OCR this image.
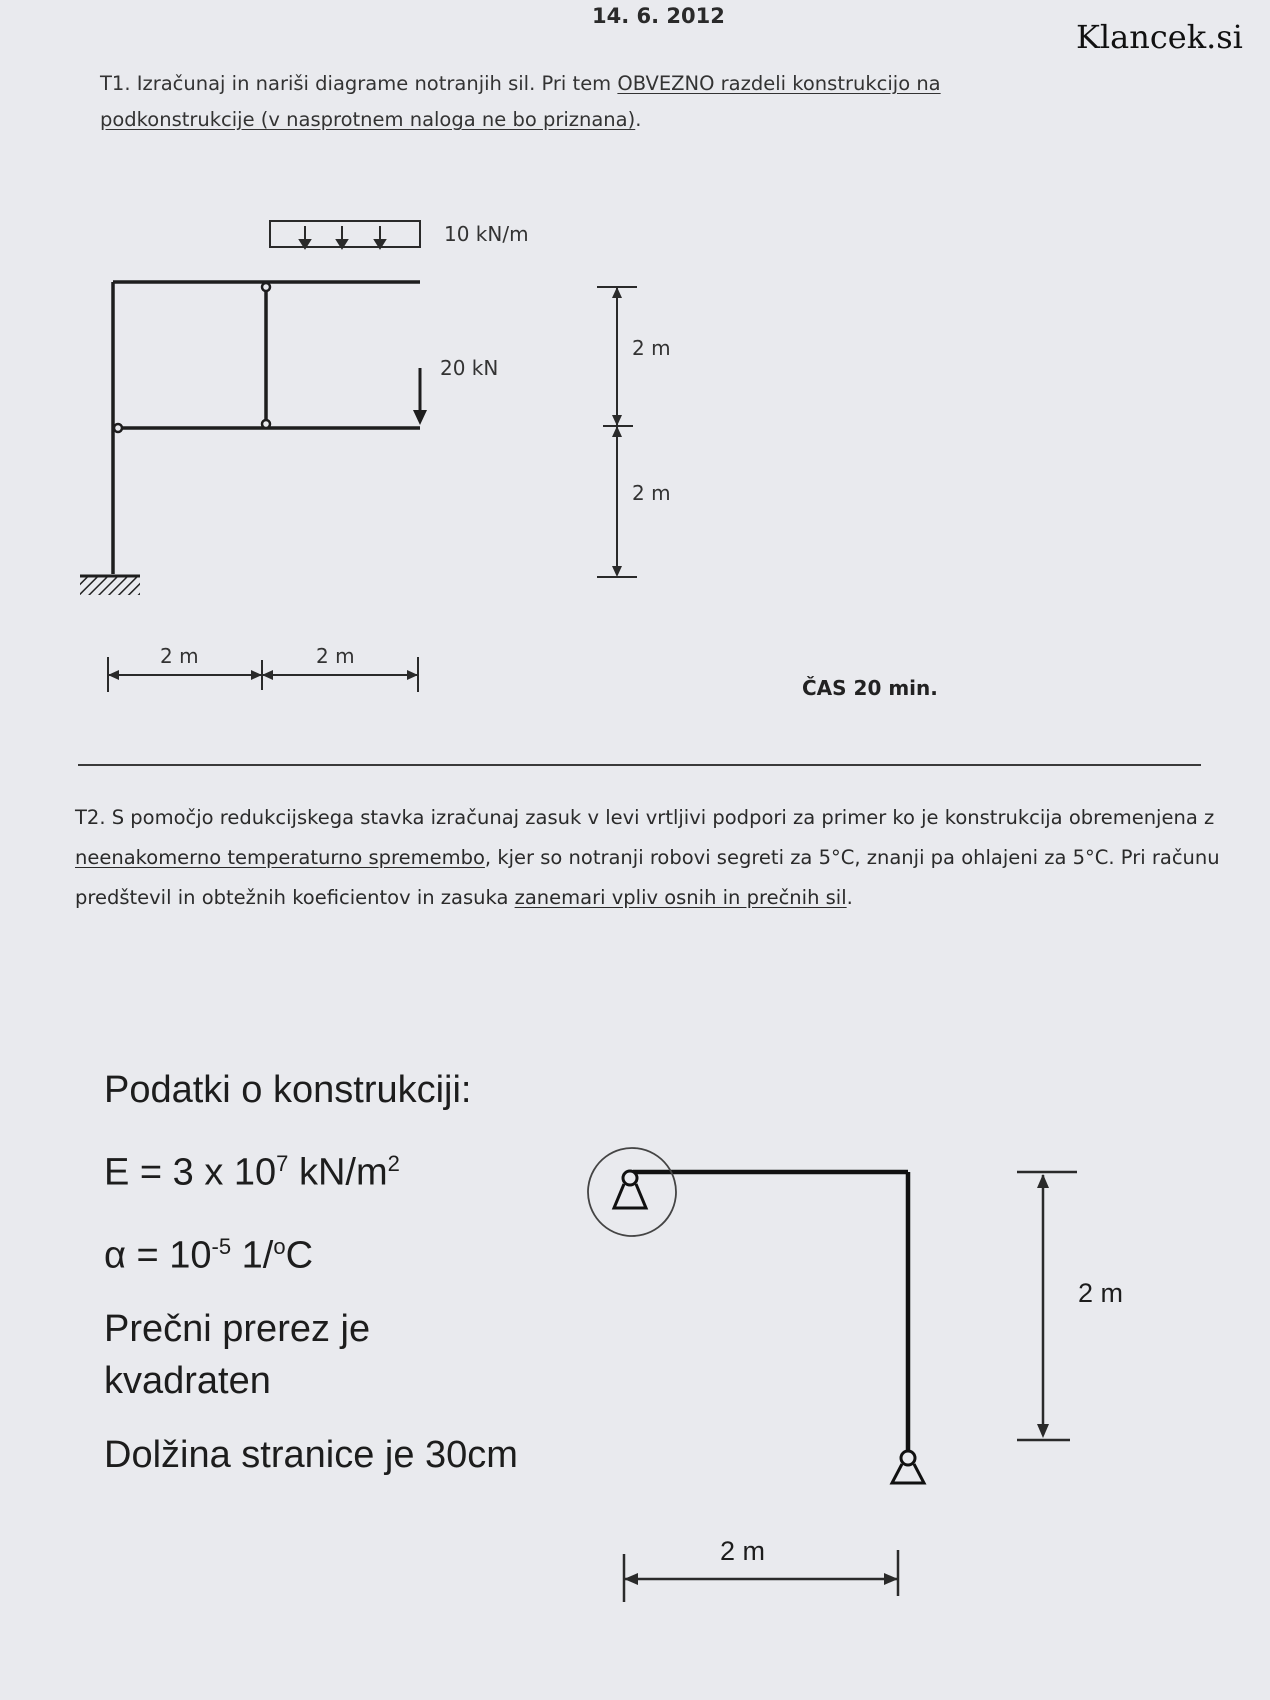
14. 6. 2012
Klancek.si
T1. Izračunaj in nariši diagrame notranjih sil. Pri tem OBVEZNO razdeli konstrukcijo na podkonstrukcije (v nasprotnem naloga ne bo priznana).
10 kN/m
20 kN
2 m
2 m
2 m	2 m
ČAS 20 min.
T2. S pomočjo redukcijskega stavka izračunaj zasuk v levi vrtljivi podpori za primer ko je konstrukcija obremenjena z neenakomerno temperaturno spremembo, kjer so notranji robovi segreti za 5°C, znanji pa ohlajeni za 5°C. Pri računu predštevil in obtežnih koeficientov in zasuka zanemari vpliv osnih in prečnih sil.
Podatki o konstrukciji:
E = 3 x $10^7$ $kN/m^2$
$\alpha = 10^{-5}$ 1/$^o$C
Prečni prerez je kvadraten
Dolžina stranice je 30cm
2 m
2 m
